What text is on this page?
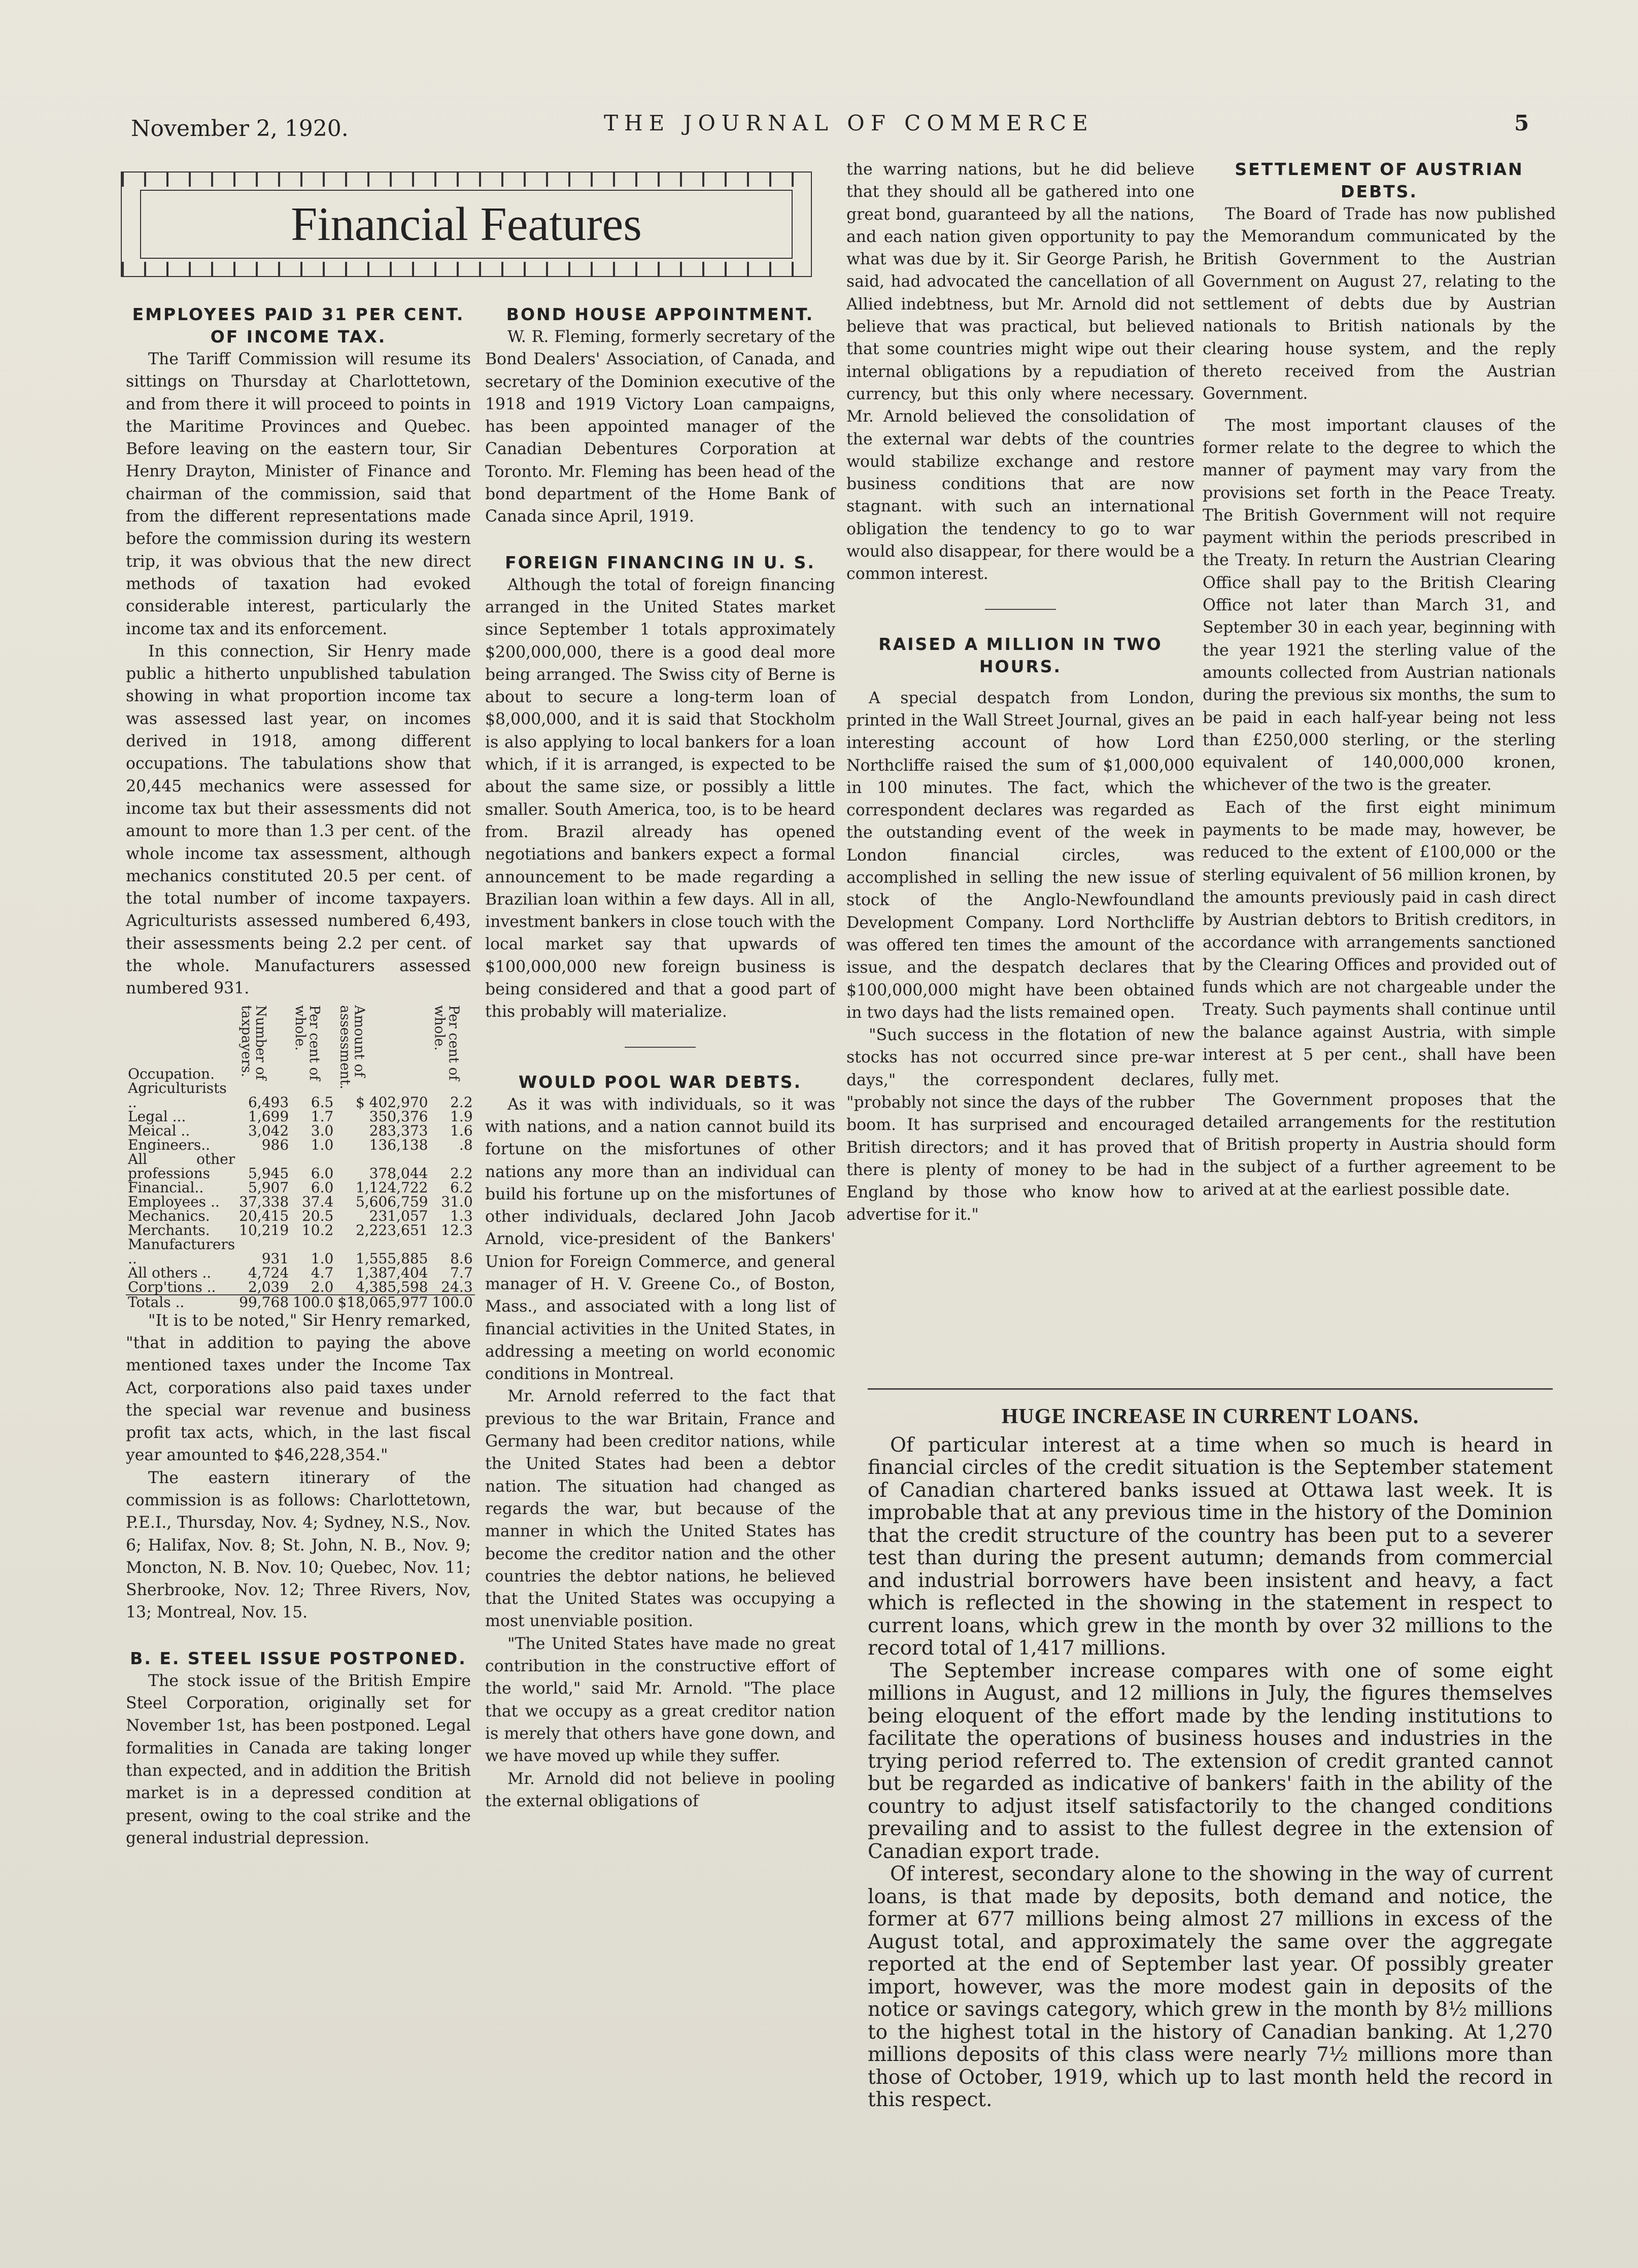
November 2, 1920.	THE JOURNAL OF COMMERCE	5
Financial Features
EMPLOYEES PAID 31 PER CENT. OF INCOME TAX.

The Tariff Commission will resume its sittings on Thursday at Charlottetown, and from there it will proceed to points in the Maritime Provinces and Quebec. Before leaving on the eastern tour, Sir Henry Drayton, Minister of Finance and chairman of the commission, said that from the different representations made before the commission during its western trip, it was obvious that the new direct methods of taxation had evoked considerable interest, particularly the income tax and its enforcement.

In this connection, Sir Henry made public a hitherto unpublished tabulation showing in what proportion income tax was assessed last year, on incomes derived in 1918, among different occupations. The tabulations show that 20,445 mechanics were assessed for income tax but their assessments did not amount to more than 1.3 per cent. of the whole income tax assessment, although mechanics constituted 20.5 per cent. of the total number of income taxpayers. Agriculturists assessed numbered 6,493, their assessments being 2.2 per cent. of the whole. Manufacturers assessed numbered 931.

Occupation.	Number of taxpayers.	Per cent of whole.	Amount of assessment.	Per cent of whole.

Agriculturists ..	6,493	6.5	$ 402,970	2.2
Legal ...	1,699	1.7	350,376	1.9
Meical ..	3,042	3.0	283,373	1.6
Engineers..	986	1.0	136,138	.8
All other professions	5,945	6.0	378,044	2.2
Financial..	5,907	6.0	1,124,722	6.2
Employees ..	37,338	37.4	5,606,759	31.0
Mechanics.	20,415	20.5	231,057	1.3
Merchants.	10,219	10.2	2,223,651	12.3
Manufacturers ..	931	1.0	1,555,885	8.6
All others ..	4,724	4.7	1,387,404	7.7
Corp'tions ..	2,039	2.0	4,385,598	24.3
Totals ..	99,768	100.0	$18,065,977	100.0

"It is to be noted," Sir Henry remarked, "that in addition to paying the above mentioned taxes under the Income Tax Act, corporations also paid taxes under the special war revenue and business profit tax acts, which, in the last fiscal year amounted to $46,228,354."

The eastern itinerary of the commission is as follows: Charlottetown, P.E.I., Thursday, Nov. 4; Sydney, N.S., Nov. 6; Halifax, Nov. 8; St. John, N. B., Nov. 9; Moncton, N. B. Nov. 10; Quebec, Nov. 11; Sherbrooke, Nov. 12; Three Rivers, Nov, 13; Montreal, Nov. 15.

B. E. STEEL ISSUE POSTPONED.

The stock issue of the British Empire Steel Corporation, originally set for November 1st, has been postponed. Legal formalities in Canada are taking longer than expected, and in addition the British market is in a depressed condition at present, owing to the coal strike and the general industrial depression.

BOND HOUSE APPOINTMENT.

W. R. Fleming, formerly secretary of the Bond Dealers' Association, of Canada, and secretary of the Dominion executive of the 1918 and 1919 Victory Loan campaigns, has been appointed manager of the Canadian Debentures Corporation at Toronto. Mr. Fleming has been head of the bond department of the Home Bank of Canada since April, 1919.

FOREIGN FINANCING IN U. S.

Although the total of foreign financing arranged in the United States market since September 1 totals approximately $200,000,000, there is a good deal more being arranged. The Swiss city of Berne is about to secure a long-term loan of $8,000,000, and it is said that Stockholm is also applying to local bankers for a loan which, if it is arranged, is expected to be about the same size, or possibly a little smaller. South America, too, is to be heard from. Brazil already has opened negotiations and bankers expect a formal announcement to be made regarding a Brazilian loan within a few days. All in all, investment bankers in close touch with the local market say that upwards of $100,000,000 new foreign business is being considered and that a good part of this probably will materialize.

WOULD POOL WAR DEBTS.

As it was with individuals, so it was with nations, and a nation cannot build its fortune on the misfortunes of other nations any more than an individual can build his fortune up on the misfortunes of other individuals, declared John Jacob Arnold, vice-president of the Bankers' Union for Foreign Commerce, and general manager of H. V. Greene Co., of Boston, Mass., and associated with a long list of financial activities in the United States, in addressing a meeting on world economic conditions in Montreal.

Mr. Arnold referred to the fact that previous to the war Britain, France and Germany had been creditor nations, while the United States had been a debtor nation. The situation had changed as regards the war, but because of the manner in which the United States has become the creditor nation and the other countries the debtor nations, he believed that the United States was occupying a most unenviable position.

"The United States have made no great contribution in the constructive effort of the world," said Mr. Arnold. "The place that we occupy as a great creditor nation is merely that others have gone down, and we have moved up while they suffer.

Mr. Arnold did not believe in pooling the external obligations of

the warring nations, but he did believe that they should all be gathered into one great bond, guaranteed by all the nations, and each nation given opportunity to pay what was due by it. Sir George Parish, he said, had advocated the cancellation of all Allied indebtness, but Mr. Arnold did not believe that was practical, but believed that some countries might wipe out their internal obligations by a repudiation of currency, but this only where necessary. Mr. Arnold believed the consolidation of the external war debts of the countries would stabilize exchange and restore business conditions that are now stagnant. with such an international obligation the tendency to go to war would also disappear, for there would be a common interest.

RAISED A MILLION IN TWO HOURS.

A special despatch from London, printed in the Wall Street Journal, gives an interesting account of how Lord Northcliffe raised the sum of $1,000,000 in 100 minutes. The fact, which the correspondent declares was regarded as the outstanding event of the week in London financial circles, was accomplished in selling the new issue of stock of the Anglo-Newfoundland Development Company. Lord Northcliffe was offered ten times the amount of the issue, and the despatch declares that $100,000,000 might have been obtained in two days had the lists remained open.

"Such success in the flotation of new stocks has not occurred since pre-war days," the correspondent declares, "probably not since the days of the rubber boom. It has surprised and encouraged British directors; and it has proved that there is plenty of money to be had in England by those who know how to advertise for it."

SETTLEMENT OF AUSTRIAN DEBTS.

The Board of Trade has now published the Memorandum communicated by the British Government to the Austrian Government on August 27, relating to the settlement of debts due by Austrian nationals to British nationals by the clearing house system, and the reply thereto received from the Austrian Government.

The most important clauses of the former relate to the degree to which the manner of payment may vary from the provisions set forth in the Peace Treaty. The British Government will not require payment within the periods prescribed in the Treaty. In return the Austrian Clearing Office shall pay to the British Clearing Office not later than March 31, and September 30 in each year, beginning with the year 1921 the sterling value of the amounts collected from Austrian nationals during the previous six months, the sum to be paid in each half-year being not less than £250,000 sterling, or the sterling equivalent of 140,000,000 kronen, whichever of the two is the greater.

Each of the first eight minimum payments to be made may, however, be reduced to the extent of £100,000 or the sterling equivalent of 56 million kronen, by the amounts previously paid in cash direct by Austrian debtors to British creditors, in accordance with arrangements sanctioned by the Clearing Offices and provided out of funds which are not chargeable under the Treaty. Such payments shall continue until the balance against Austria, with simple interest at 5 per cent., shall have been fully met.

The Government proposes that the detailed arrangements for the restitution of British property in Austria should form the subject of a further agreement to be arived at at the earliest possible date.

HUGE INCREASE IN CURRENT LOANS.

Of particular interest at a time when so much is heard in financial circles of the credit situation is the September statement of Canadian chartered banks issued at Ottawa last week. It is improbable that at any previous time in the history of the Dominion that the credit structure of the country has been put to a severer test than during the present autumn; demands from commercial and industrial borrowers have been insistent and heavy, a fact which is reflected in the showing in the statement in respect to current loans, which grew in the month by over 32 millions to the record total of 1,417 millions.

The September increase compares with one of some eight millions in August, and 12 millions in July, the figures themselves being eloquent of the effort made by the lending institutions to facilitate the operations of business houses and industries in the trying period referred to. The extension of credit granted cannot but be regarded as indicative of bankers' faith in the ability of the country to adjust itself satisfactorily to the changed conditions prevailing and to assist to the fullest degree in the extension of Canadian export trade.

Of interest, secondary alone to the showing in the way of current loans, is that made by deposits, both demand and notice, the former at 677 millions being almost 27 millions in excess of the August total, and approximately the same over the aggregate reported at the end of September last year. Of possibly greater import, however, was the more modest gain in deposits of the notice or savings category, which grew in the month by 8½ millions to the highest total in the history of Canadian banking. At 1,270 millions deposits of this class were nearly 7½ millions more than those of October, 1919, which up to last month held the record in this respect.
